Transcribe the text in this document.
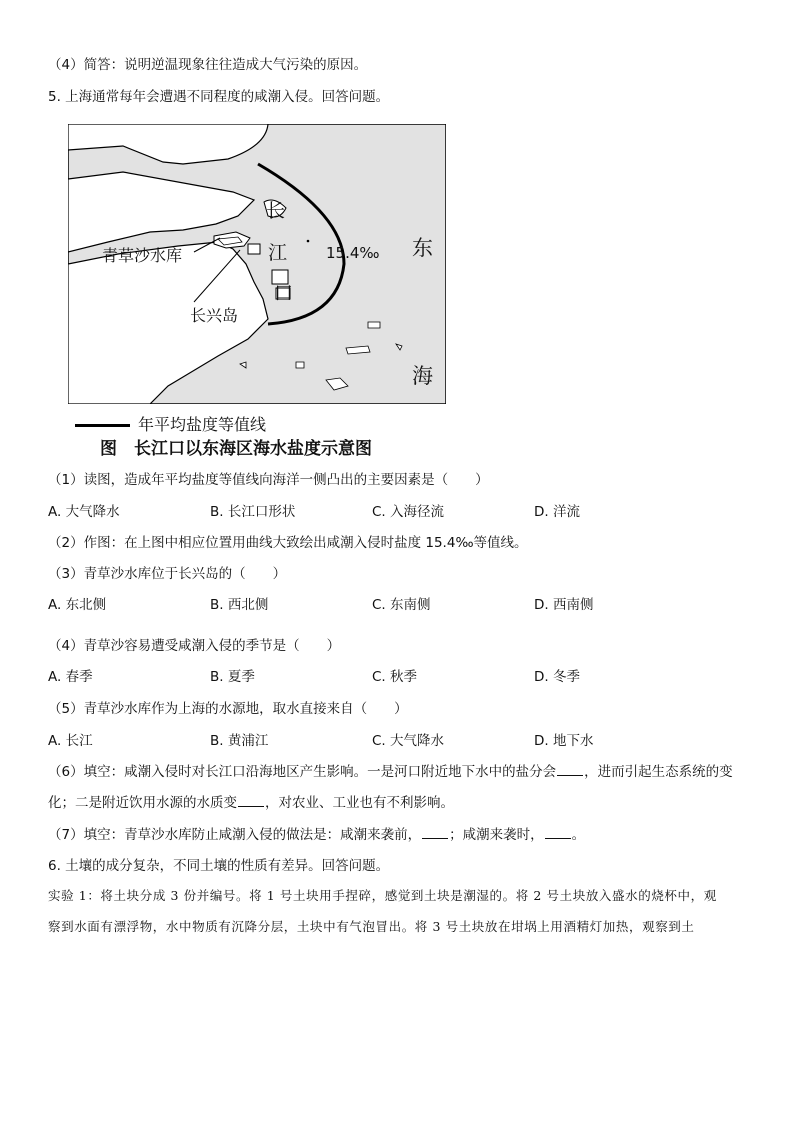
（4）简答：说明逆温现象往往造成大气污染的原因。
5. 上海通常每年会遭遇不同程度的咸潮入侵。回答问题。
青草沙水库
长兴岛
长
江
口
15.4‰ 东
海
年平均盐度等值线
图　长江口以东海区海水盐度示意图
（1）读图，造成年平均盐度等值线向海洋一侧凸出的主要因素是（　　）
A. 大气降水	B. 长江口形状	C. 入海径流	D. 洋流
（2）作图：在上图中相应位置用曲线大致绘出咸潮入侵时盐度 15.4‰等值线。
（3）青草沙水库位于长兴岛的（　　）
A. 东北侧	B. 西北侧	C. 东南侧	D. 西南侧
（4）青草沙容易遭受咸潮入侵的季节是（　　）
A. 春季	B. 夏季	C. 秋季	D. 冬季
（5）青草沙水库作为上海的水源地，取水直接来自（　　）
A. 长江	B. 黄浦江	C. 大气降水	D. 地下水
（6）填空：咸潮入侵时对长江口沿海地区产生影响。一是河口附近地下水中的盐分会 ，进而引起生态系统的变
化；二是附近饮用水源的水质变 ，对农业、工业也有不利影响。
（7）填空：青草沙水库防止咸潮入侵的做法是：咸潮来袭前， ；咸潮来袭时， 。
6. 土壤的成分复杂，不同土壤的性质有差异。回答问题。
实验 1：将土块分成 3 份并编号。将 1 号土块用手捏碎，感觉到土块是潮湿的。将 2 号土块放入盛水的烧杯中，观
察到水面有漂浮物，水中物质有沉降分层，土块中有气泡冒出。将 3 号土块放在坩埚上用酒精灯加热，观察到土
